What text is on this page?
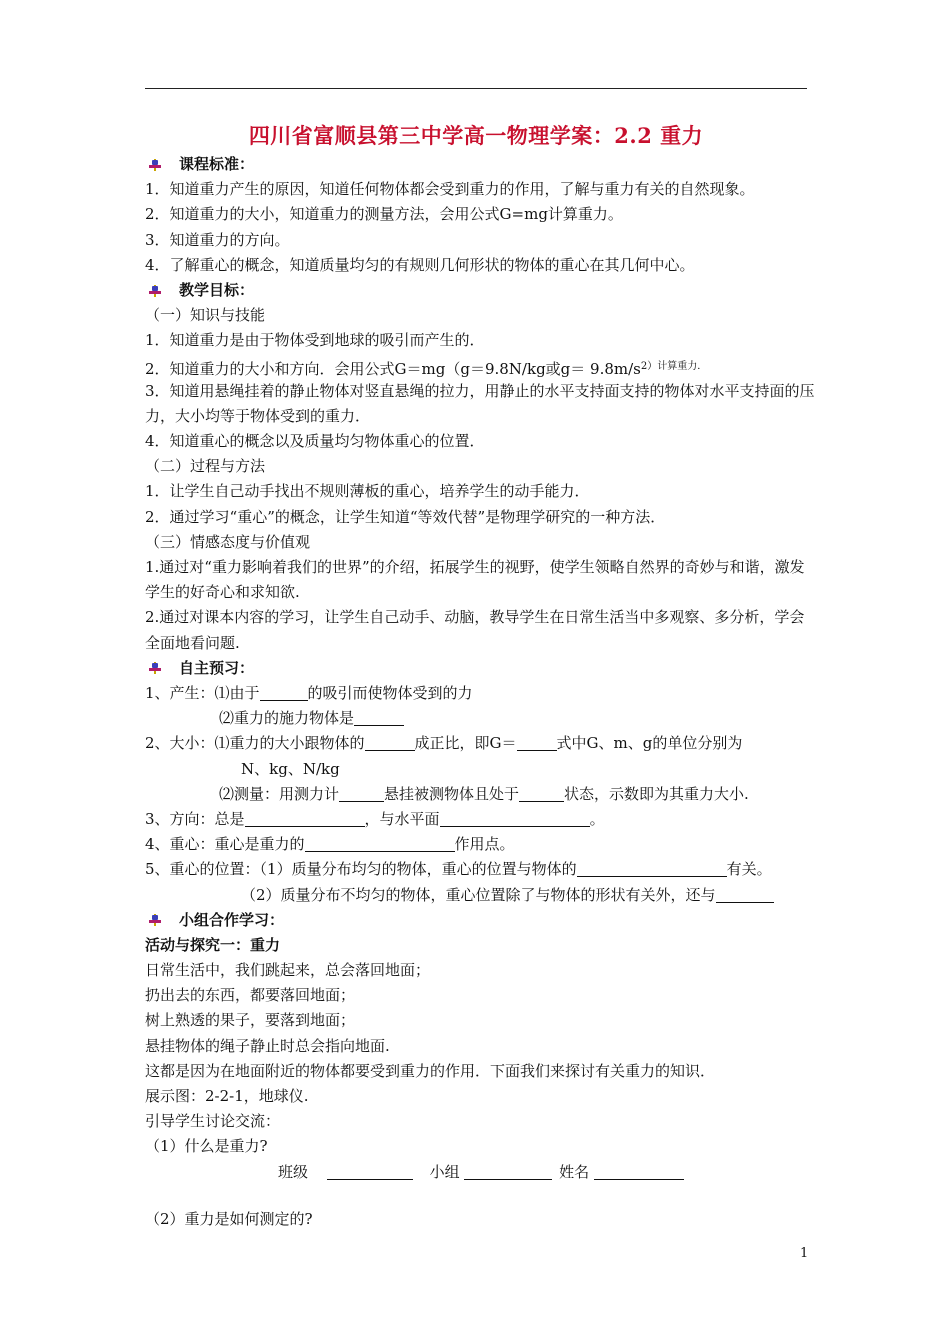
四川省富顺县第三中学高一物理学案：2.2 重力
课程标准：
1．知道重力产生的原因，知道任何物体都会受到重力的作用，了解与重力有关的自然现象。
2．知道重力的大小，知道重力的测量方法，会用公式G=mg计算重力。
3．知道重力的方向。
4．了解重心的概念，知道质量均匀的有规则几何形状的物体的重心在其几何中心。
教学目标：
（一）知识与技能
1．知道重力是由于物体受到地球的吸引而产生的．
2．知道重力的大小和方向．会用公式G＝mg（g＝9.8N/kg或$g= 9.8m/s^{2)计算重力.}$
3．知道用悬绳挂着的静止物体对竖直悬绳的拉力，用静止的水平支持面支持的物体对水平支持面的压力，大小均等于物体受到的重力．
4．知道重心的概念以及质量均匀物体重心的位置．
（二）过程与方法
1．让学生自己动手找出不规则薄板的重心，培养学生的动手能力．
2．通过学习“重心”的概念，让学生知道“等效代替”是物理学研究的一种方法．
（三）情感态度与价值观
1.通过对“重力影响着我们的世界”的介绍，拓展学生的视野，使学生领略自然界的奇妙与和谐，激发学生的好奇心和求知欲.
2.通过对课本内容的学习，让学生自己动手、动脑，教导学生在日常生活当中多观察、多分析，学会全面地看问题.
自主预习：
1、产生：⑴由于	的吸引而使物体受到的力
⑵重力的施力物体是
2、大小：⑴重力的大小跟物体的	成正比，即G＝	式中G、m、g的单位分别为
N、kg、N/kg
⑵测量：用测力计	悬挂被测物体且处于	状态，示数即为其重力大小.
3、方向：总是	，与水平面	。
4、重心：重心是重力的	作用点。
5、重心的位置：（1）质量分布均匀的物体，重心的位置与物体的	有关。
（2）质量分布不均匀的物体，重心位置除了与物体的形状有关外，还与
小组合作学习：
活动与探究一：重力
日常生活中，我们跳起来，总会落回地面；
扔出去的东西，都要落回地面；
树上熟透的果子，要落到地面；
悬挂物体的绳子静止时总会指向地面.
这都是因为在地面附近的物体都要受到重力的作用．下面我们来探讨有关重力的知识．
展示图：2-2-1，地球仪.
引导学生讨论交流：
（1）什么是重力?
班级	小组	姓名
（2）重力是如何测定的?
1
